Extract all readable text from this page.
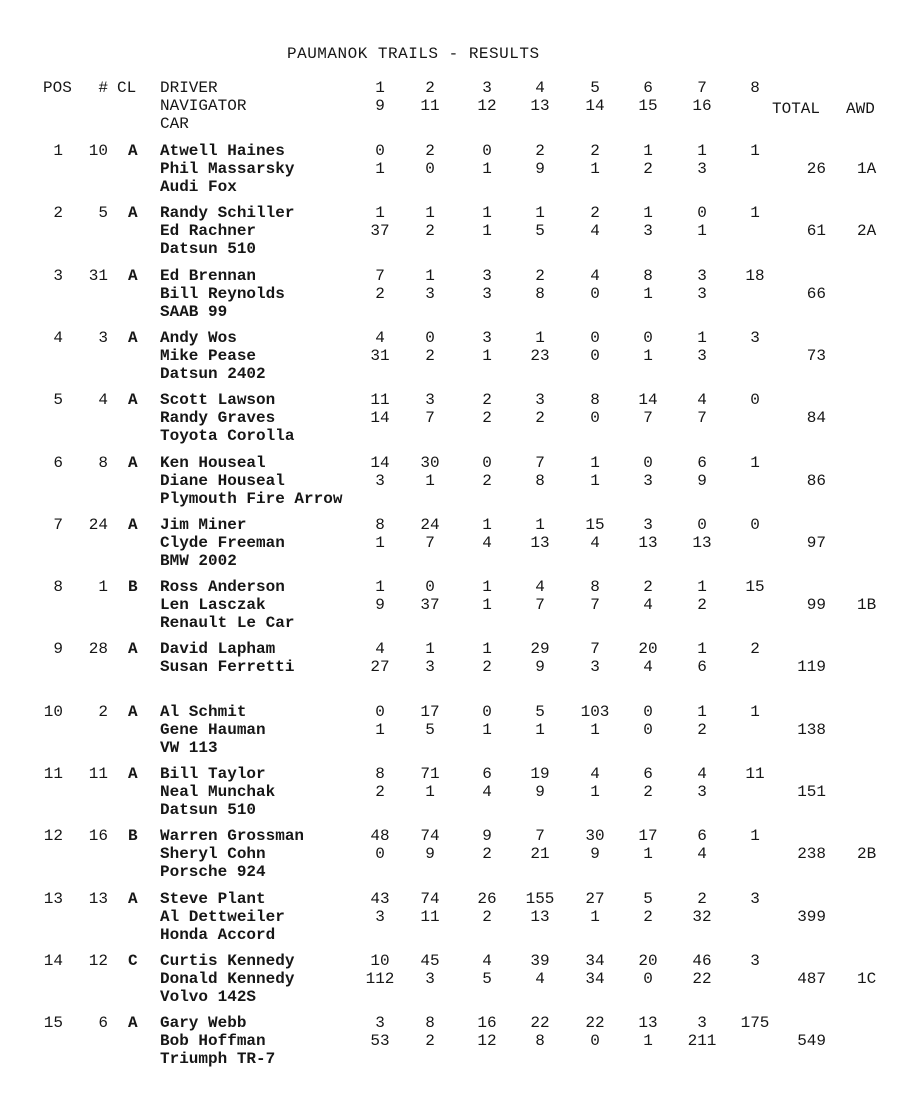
PAUMANOK TRAILS - RESULTS
POS	# CL DRIVER
NAVIGATOR
CAR
1	2	3	4	5	6	7	8
9	11	12	13	14	15	16	TOTAL AWD
1	10 A Atwell Haines
Phil Massarsky
Audi Fox
0	2	0	2	2	1	1	1
1	0	1	9	1	2	3	26 1A
2	5 A Randy Schiller
Ed Rachner
Datsun 510
1	1	1	1	2	1	0	1
37	2	1	5	4	3	1	61 2A
3	31 A Ed Brennan
Bill Reynolds
SAAB 99
7	1	3	2	4	8	3	18
2	3	3	8	0	1	3	66
4	3 A Andy Wos
Mike Pease
Datsun 2402
4	0	3	1	0	0	1	3
31	2	1	23	0	1	3	73
5	4 A Scott Lawson
Randy Graves
Toyota Corolla
11	3	2	3	8	14	4	0
14	7	2	2	0	7	7	84
6	8 A Ken Houseal
Diane Houseal
Plymouth Fire Arrow
14	30	0	7	1	0	6	1
3	1	2	8	1	3	9	86
7	24 A Jim Miner
Clyde Freeman
BMW 2002
8	24	1	1	15	3	0	0
1	7	4	13	4	13	13	97
8	1 B Ross Anderson
Len Lasczak
Renault Le Car
1	0	1	4	8	2	1	15
9	37	1	7	7	4	2	99 1B
9	28 A David Lapham
Susan Ferretti
4	1	1	29	7	20	1	2
27	3	2	9	3	4	6	119
10	2 A Al Schmit
Gene Hauman
VW 113
0	17	0	5	103	0	1	1
1	5	1	1	1	0	2	138
11	11 A Bill Taylor
Neal Munchak
Datsun 510
8	71	6	19	4	6	4	11
2	1	4	9	1	2	3	151
12	16 B Warren Grossman
Sheryl Cohn
Porsche 924
48	74	9	7	30	17	6	1
0	9	2	21	9	1	4	238 2B
13	13 A Steve Plant
Al Dettweiler
Honda Accord
43	74	26	155	27	5	2	3
3	11	2	13	1	2	32	399
14	12 C Curtis Kennedy
Donald Kennedy
Volvo 142S
10	45	4	39	34	20	46	3
112	3	5	4	34	0	22	487 1C
15	6 A Gary Webb
Bob Hoffman
Triumph TR-7
3	8	16	22	22	13	3	175
53	2	12	8	0	1	211	549
